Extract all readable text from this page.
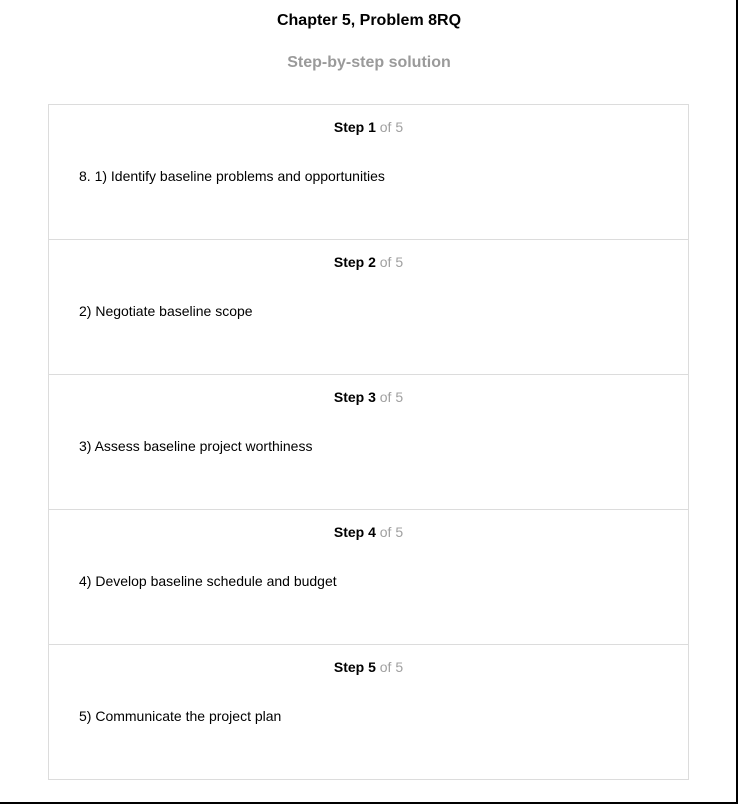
Chapter 5, Problem 8RQ
Step-by-step solution
Step 1 of 5
8. 1) Identify baseline problems and opportunities
Step 2 of 5
2) Negotiate baseline scope
Step 3 of 5
3) Assess baseline project worthiness
Step 4 of 5
4) Develop baseline schedule and budget
Step 5 of 5
5) Communicate the project plan
